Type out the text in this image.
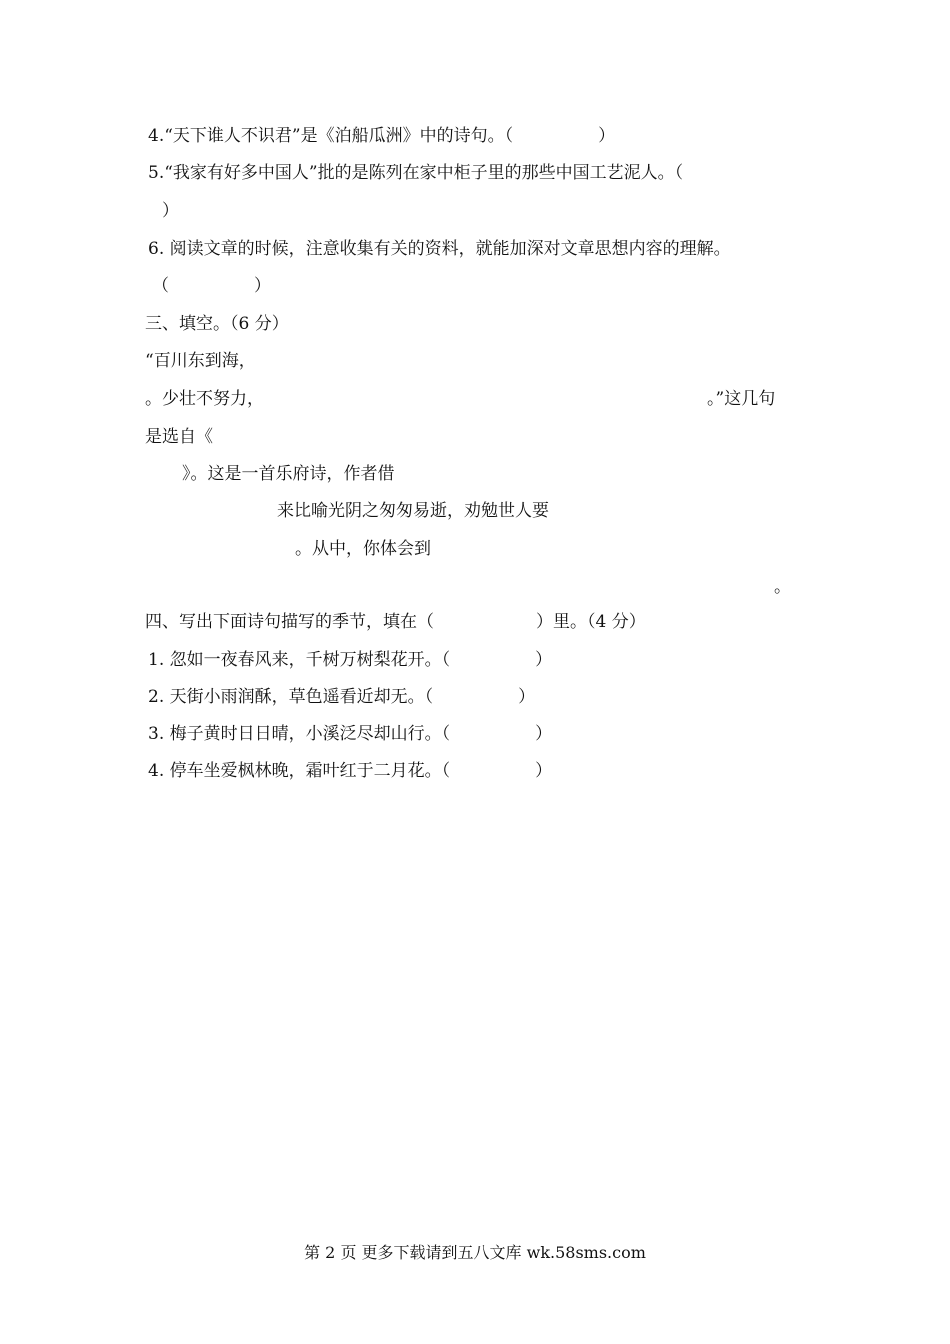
4.“天下谁人不识君”是《泊船瓜洲》中的诗句。（　　　　　）

5.“我家有好多中国人”批的是陈列在家中柜子里的那些中国工艺泥人。（

）

6. 阅读文章的时候，注意收集有关的资料，就能加深对文章思想内容的理解。

（　　　　　）

三、填空。（6 分）

“百川东到海，

。少壮不努力，	。”这几句

是选自《

》。这是一首乐府诗，作者借

来比喻光阴之匆匆易逝，劝勉世人要

。从中，你体会到

。

四、写出下面诗句描写的季节，填在（　　　　　　）里。（4 分）

1. 忽如一夜春风来，千树万树梨花开。（　　　　　）

2. 天街小雨润酥，草色遥看近却无。（　　　　　）

3. 梅子黄时日日晴，小溪泛尽却山行。（　　　　　）

4. 停车坐爱枫林晚，霜叶红于二月花。（　　　　　）

第 2 页 更多下载请到五八文库 wk.58sms.com
